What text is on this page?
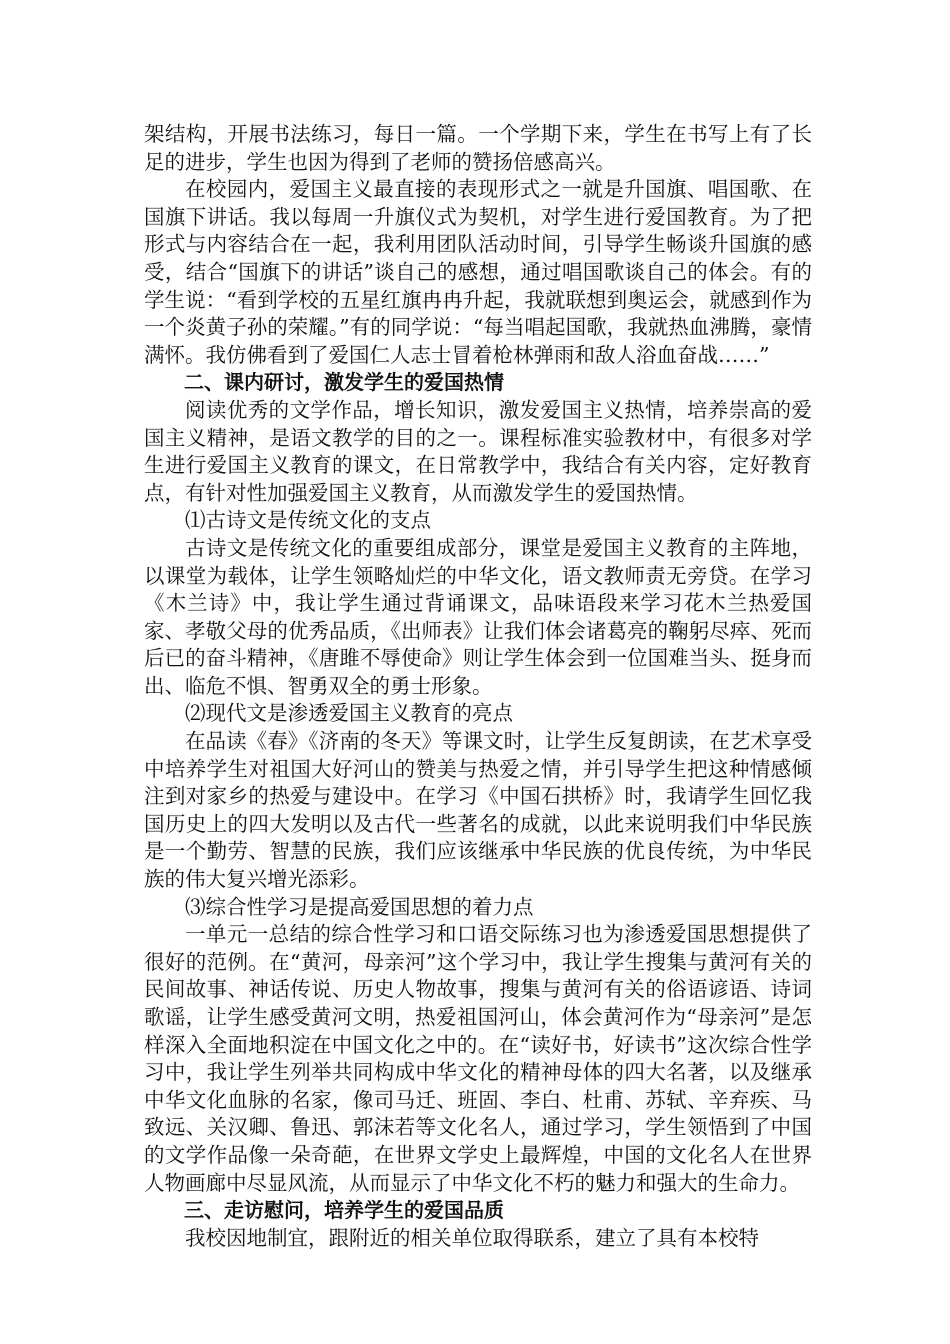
架结构，开展书法练习，每日一篇。一个学期下来，学生在书写上有了长足的进步，学生也因为得到了老师的赞扬倍感高兴。

在校园内，爱国主义最直接的表现形式之一就是升国旗、唱国歌、在国旗下讲话。我以每周一升旗仪式为契机，对学生进行爱国教育。为了把形式与内容结合在一起，我利用团队活动时间，引导学生畅谈升国旗的感受，结合“国旗下的讲话”谈自己的感想，通过唱国歌谈自己的体会。有的学生说：“看到学校的五星红旗冉冉升起，我就联想到奥运会，就感到作为一个炎黄子孙的荣耀。”有的同学说：“每当唱起国歌，我就热血沸腾，豪情满怀。我仿佛看到了爱国仁人志士冒着枪林弹雨和敌人浴血奋战……”

二、课内研讨，激发学生的爱国热情

阅读优秀的文学作品，增长知识，激发爱国主义热情，培养崇高的爱国主义精神，是语文教学的目的之一。课程标准实验教材中，有很多对学生进行爱国主义教育的课文，在日常教学中，我结合有关内容，定好教育点，有针对性加强爱国主义教育，从而激发学生的爱国热情。

⑴古诗文是传统文化的支点

古诗文是传统文化的重要组成部分，课堂是爱国主义教育的主阵地，以课堂为载体，让学生领略灿烂的中华文化，语文教师责无旁贷。在学习《木兰诗》中，我让学生通过背诵课文，品味语段来学习花木兰热爱国家、孝敬父母的优秀品质，《出师表》让我们体会诸葛亮的鞠躬尽瘁、死而后已的奋斗精神，《唐雎不辱使命》则让学生体会到一位国难当头、挺身而出、临危不惧、智勇双全的勇士形象。

⑵现代文是渗透爱国主义教育的亮点

在品读《春》《济南的冬天》等课文时，让学生反复朗读，在艺术享受中培养学生对祖国大好河山的赞美与热爱之情，并引导学生把这种情感倾注到对家乡的热爱与建设中。在学习《中国石拱桥》时，我请学生回忆我国历史上的四大发明以及古代一些著名的成就，以此来说明我们中华民族是一个勤劳、智慧的民族，我们应该继承中华民族的优良传统，为中华民族的伟大复兴增光添彩。

⑶综合性学习是提高爱国思想的着力点

一单元一总结的综合性学习和口语交际练习也为渗透爱国思想提供了很好的范例。在“黄河，母亲河”这个学习中，我让学生搜集与黄河有关的民间故事、神话传说、历史人物故事，搜集与黄河有关的俗语谚语、诗词歌谣，让学生感受黄河文明，热爱祖国河山，体会黄河作为“母亲河”是怎样深入全面地积淀在中国文化之中的。在“读好书，好读书”这次综合性学习中，我让学生列举共同构成中华文化的精神母体的四大名著，以及继承中华文化血脉的名家，像司马迁、班固、李白、杜甫、苏轼、辛弃疾、马致远、关汉卿、鲁迅、郭沫若等文化名人，通过学习，学生领悟到了中国的文学作品像一朵奇葩，在世界文学史上最辉煌，中国的文化名人在世界人物画廊中尽显风流，从而显示了中华文化不朽的魅力和强大的生命力。

三、走访慰问，培养学生的爱国品质

我校因地制宜，跟附近的相关单位取得联系，建立了具有本校特
